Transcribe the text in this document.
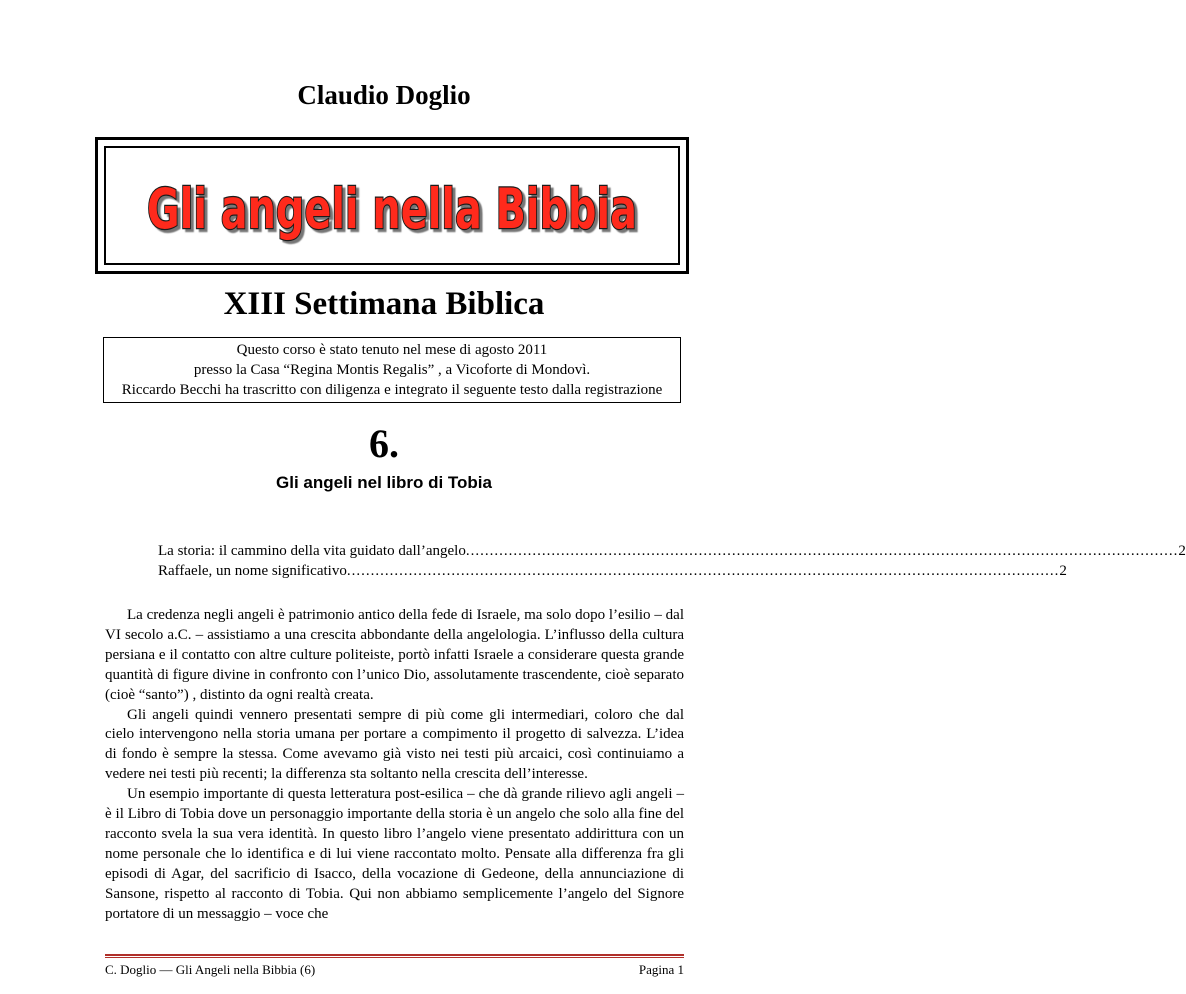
Claudio Doglio
Gli angeli nella Bibbia
XIII Settimana Biblica
Questo corso è stato tenuto nel mese di agosto 2011
presso la Casa “Regina Montis Regalis” , a Vicoforte di Mondovì.
Riccardo Becchi ha trascritto con diligenza e integrato il seguente testo dalla registrazione
6.
Gli angeli nel libro di Tobia
La storia: il cammino della vita guidato dall’angelo .....	2
Raffaele, un nome significativo .....	2

La credenza negli angeli è patrimonio antico della fede di Israele, ma solo dopo l’esilio – dal VI secolo a.C. – assistiamo a una crescita abbondante della angelologia. L’influsso della cultura persiana e il contatto con altre culture politeiste, portò infatti Israele a considerare questa grande quantità di figure divine in confronto con l’unico Dio, assolutamente trascendente, cioè separato (cioè “santo”) , distinto da ogni realtà creata.

Gli angeli quindi vennero presentati sempre di più come gli intermediari, coloro che dal cielo intervengono nella storia umana per portare a compimento il progetto di salvezza. L’idea di fondo è sempre la stessa. Come avevamo già visto nei testi più arcaici, così continuiamo a vedere nei testi più recenti; la differenza sta soltanto nella crescita dell’interesse.

Un esempio importante di questa letteratura post-esilica – che dà grande rilievo agli angeli – è il Libro di Tobia dove un personaggio importante della storia è un angelo che solo alla fine del racconto svela la sua vera identità. In questo libro l’angelo viene presentato addirittura con un nome personale che lo identifica e di lui viene raccontato molto. Pensate alla differenza fra gli episodi di Agar, del sacrificio di Isacco, della vocazione di Gedeone, della annunciazione di Sansone, rispetto al racconto di Tobia. Qui non abbiamo semplicemente l’angelo del Signore portatore di un messaggio – voce che

C. Doglio — Gli Angeli nella Bibbia (6)	Pagina 1
